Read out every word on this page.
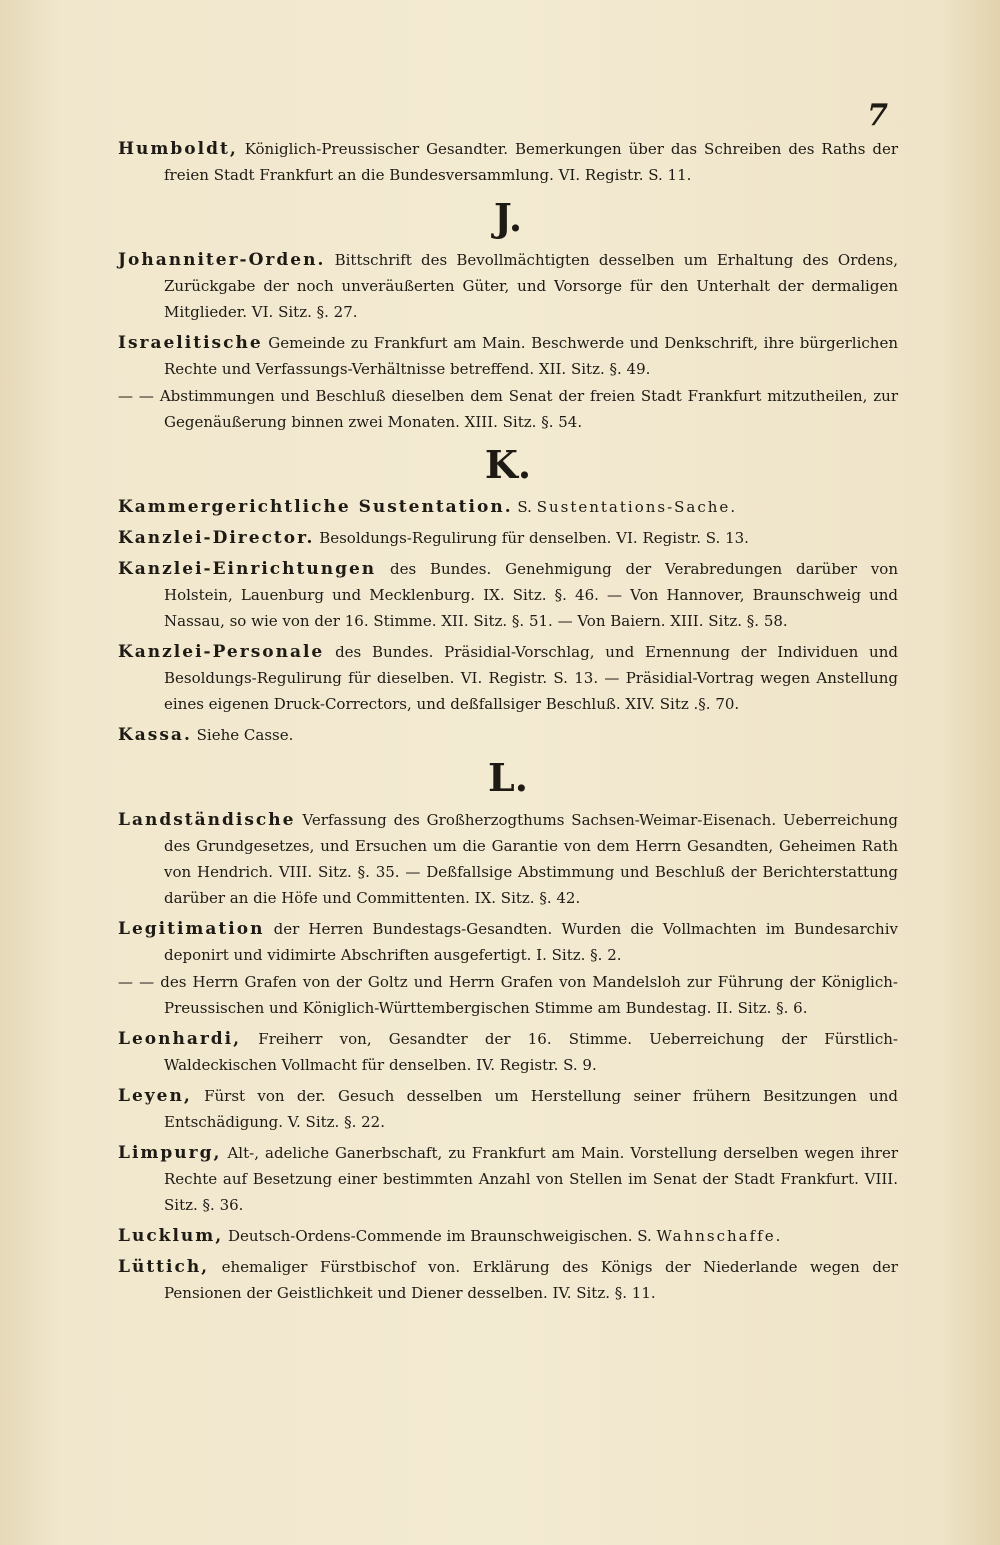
7

Humboldt, Königlich-Preussischer Gesandter. Bemerkungen über das Schreiben des Raths der freien Stadt Frankfurt an die Bundesversammlung. VI. Registr. S. 11.

J.

Johanniter-Orden. Bittschrift des Bevollmächtigten desselben um Erhaltung des Ordens, Zurückgabe der noch unveräußerten Güter, und Vorsorge für den Unterhalt der dermaligen Mitglieder. VI. Sitz. §. 27.

Israelitische Gemeinde zu Frankfurt am Main. Beschwerde und Denkschrift, ihre bürgerlichen Rechte und Verfassungs-Verhältnisse betreffend. XII. Sitz. §. 49.

— — Abstimmungen und Beschluß dieselben dem Senat der freien Stadt Frankfurt mitzutheilen, zur Gegenäußerung binnen zwei Monaten. XIII. Sitz. §. 54.

K.

Kammergerichtliche Sustentation. S. Sustentations-Sache.

Kanzlei-Director. Besoldungs-Regulirung für denselben. VI. Registr. S. 13.

Kanzlei-Einrichtungen des Bundes. Genehmigung der Verabredungen darüber von Holstein, Lauenburg und Mecklenburg. IX. Sitz. §. 46. — Von Hannover, Braunschweig und Nassau, so wie von der 16. Stimme. XII. Sitz. §. 51. — Von Baiern. XIII. Sitz. §. 58.

Kanzlei-Personale des Bundes. Präsidial-Vorschlag, und Ernennung der Individuen und Besoldungs-Regulirung für dieselben. VI. Registr. S. 13. — Präsidial-Vortrag wegen Anstellung eines eigenen Druck-Correctors, und deßfallsiger Beschluß. XIV. Sitz .§. 70.

Kassa. Siehe Casse.

L.

Landständische Verfassung des Großherzogthums Sachsen-Weimar-Eisenach. Ueberreichung des Grundgesetzes, und Ersuchen um die Garantie von dem Herrn Gesandten, Geheimen Rath von Hendrich. VIII. Sitz. §. 35. — Deßfallsige Abstimmung und Beschluß der Berichterstattung darüber an die Höfe und Committenten. IX. Sitz. §. 42.

Legitimation der Herren Bundestags-Gesandten. Wurden die Vollmachten im Bundesarchiv deponirt und vidimirte Abschriften ausgefertigt. I. Sitz. §. 2.

— — des Herrn Grafen von der Goltz und Herrn Grafen von Mandelsloh zur Führung der Königlich-Preussischen und Königlich-Württembergischen Stimme am Bundestag. II. Sitz. §. 6.

Leonhardi, Freiherr von, Gesandter der 16. Stimme. Ueberreichung der Fürstlich-Waldeckischen Vollmacht für denselben. IV. Registr. S. 9.

Leyen, Fürst von der. Gesuch desselben um Herstellung seiner frühern Besitzungen und Entschädigung. V. Sitz. §. 22.

Limpurg, Alt-, adeliche Ganerbschaft, zu Frankfurt am Main. Vorstellung derselben wegen ihrer Rechte auf Besetzung einer bestimmten Anzahl von Stellen im Senat der Stadt Frankfurt. VIII. Sitz. §. 36.

Lucklum, Deutsch-Ordens-Commende im Braunschweigischen. S. Wahnschaffe.

Lüttich, ehemaliger Fürstbischof von. Erklärung des Königs der Niederlande wegen der Pensionen der Geistlichkeit und Diener desselben. IV. Sitz. §. 11.
